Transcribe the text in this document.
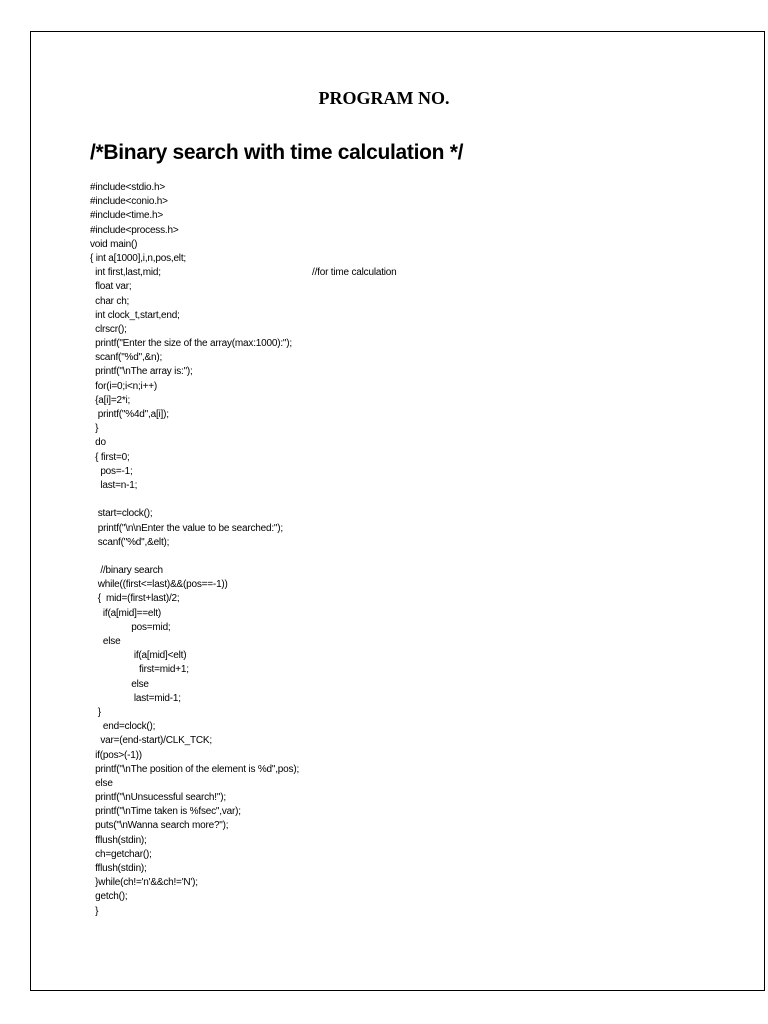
PROGRAM NO.
/*Binary search with time calculation */
#include<stdio.h>
#include<conio.h>
#include<time.h>
#include<process.h>
void main()
{ int a[1000],i,n,pos,elt;
int first,last,mid;	//for time calculation
float var;
char ch;
int clock_t,start,end;
clrscr();
printf("Enter the size of the array(max:1000):");
scanf("%d",&n);
printf("\nThe array is:");
for(i=0;i<n;i++)
{a[i]=2*i;
printf("%4d",a[i]);
}
do
{ first=0;
pos=-1;
last=n-1;
start=clock();
printf("\n\nEnter the value to be searched:");
scanf("%d",&elt);
//binary search
while((first<=last)&&(pos==-1))
{  mid=(first+last)/2;
if(a[mid]==elt)
pos=mid;
else
if(a[mid]<elt)
first=mid+1;
else
last=mid-1;
}
end=clock();
var=(end-start)/CLK_TCK;
if(pos>(-1))
printf("\nThe position of the element is %d",pos);
else
printf("\nUnsucessful search!");
printf("\nTime taken is %fsec",var);
puts("\nWanna search more?");
fflush(stdin);
ch=getchar();
fflush(stdin);
}while(ch!='n'&&ch!='N');
getch();
}
